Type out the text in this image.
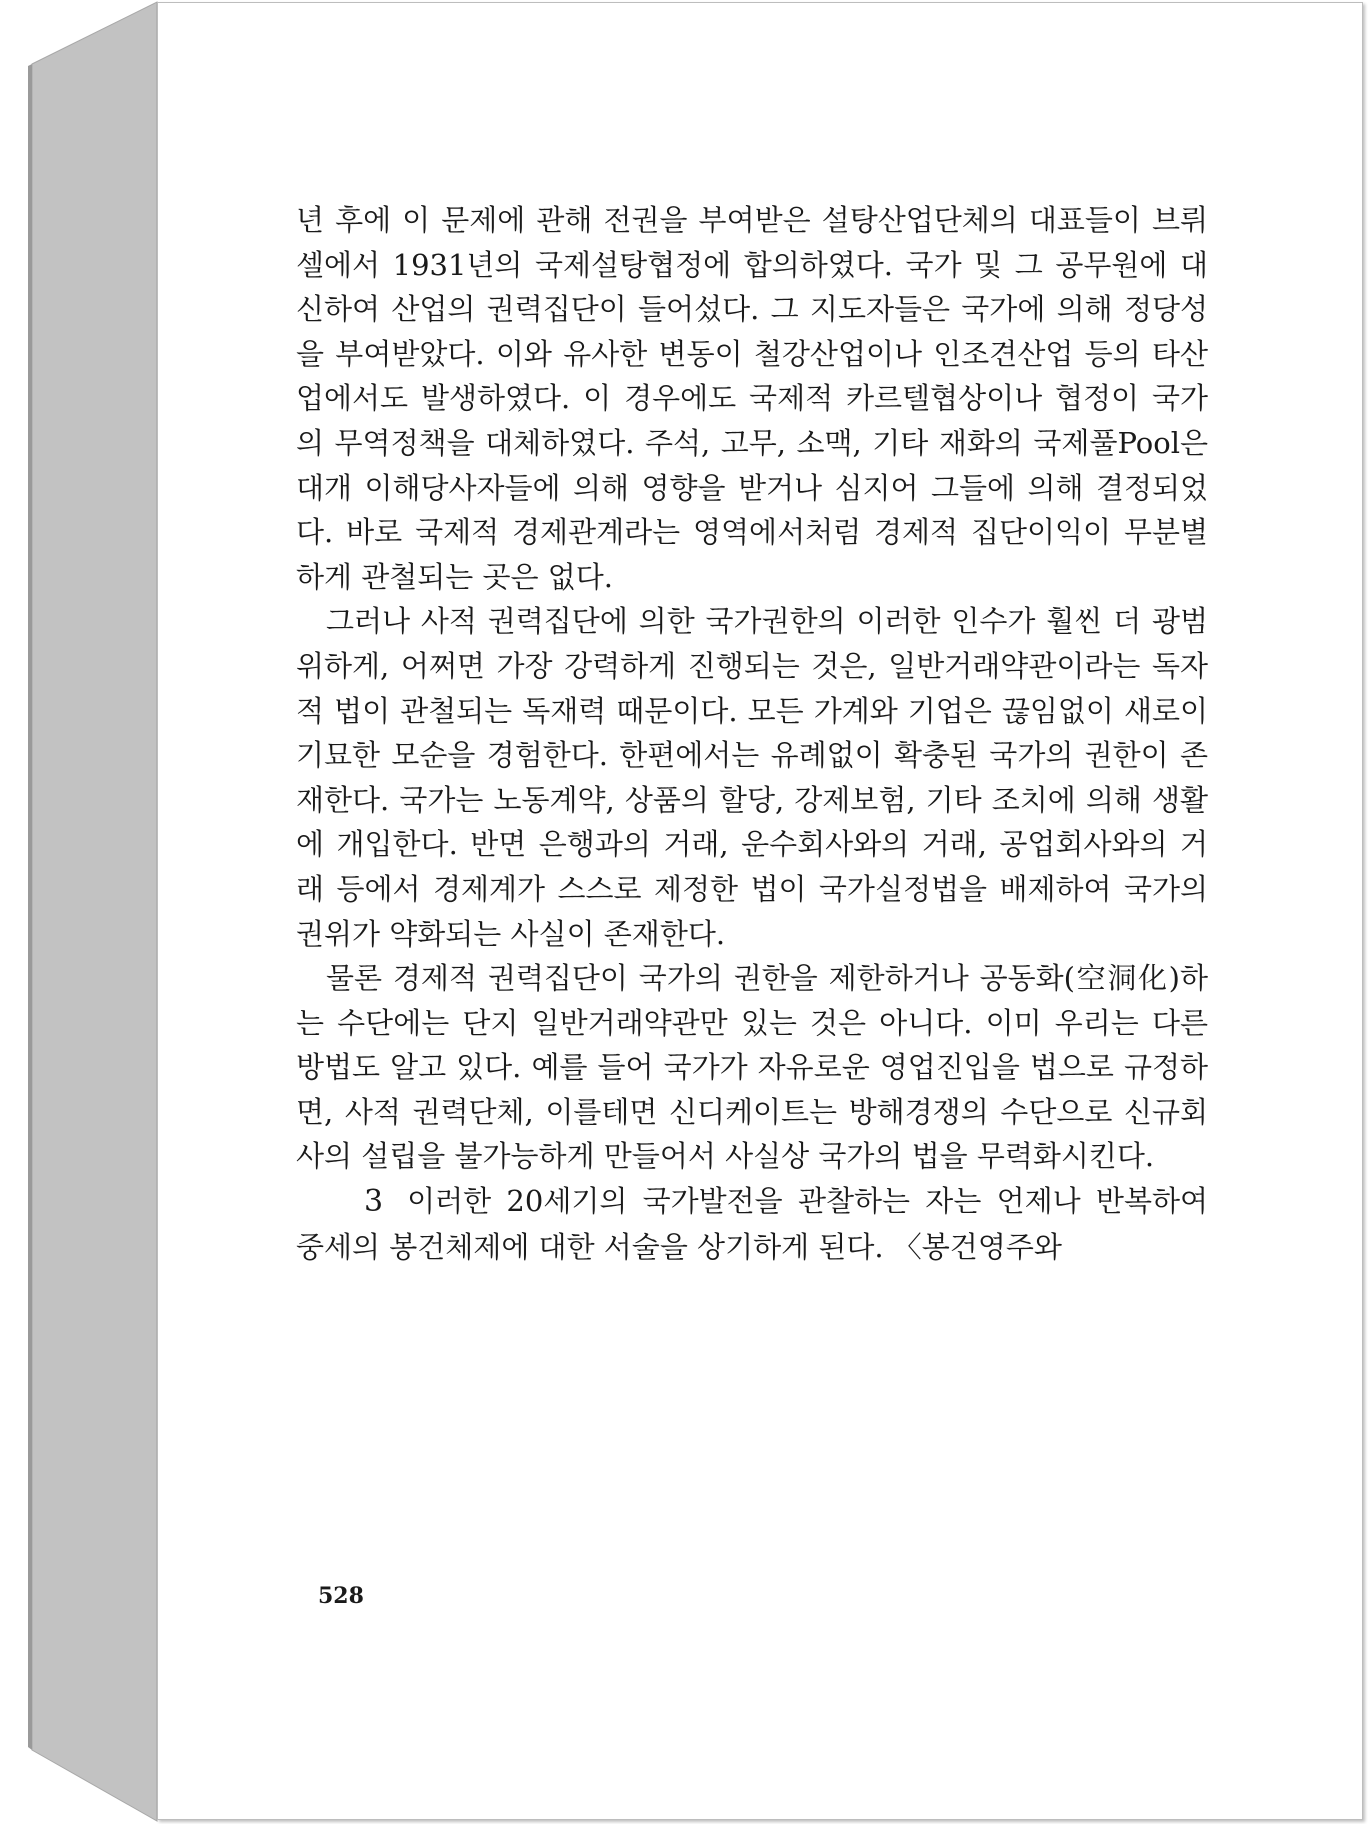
년 후에 이 문제에 관해 전권을 부여받은 설탕산업단체의 대표들이 브뤼셀에서 1931년의 국제설탕협정에 합의하였다. 국가 및 그 공무원에 대신하여 산업의 권력집단이 들어섰다. 그 지도자들은 국가에 의해 정당성을 부여받았다. 이와 유사한 변동이 철강산업이나 인조견산업 등의 타산업에서도 발생하였다. 이 경우에도 국제적 카르텔협상이나 협정이 국가의 무역정책을 대체하였다. 주석, 고무, 소맥, 기타 재화의 국제풀Pool은 대개 이해당사자들에 의해 영향을 받거나 심지어 그들에 의해 결정되었다. 바로 국제적 경제관계라는 영역에서처럼 경제적 집단이익이 무분별하게 관철되는 곳은 없다.

그러나 사적 권력집단에 의한 국가권한의 이러한 인수가 훨씬 더 광범위하게, 어쩌면 가장 강력하게 진행되는 것은, 일반거래약관이라는 독자적 법이 관철되는 독재력 때문이다. 모든 가계와 기업은 끊임없이 새로이 기묘한 모순을 경험한다. 한편에서는 유례없이 확충된 국가의 권한이 존재한다. 국가는 노동계약, 상품의 할당, 강제보험, 기타 조치에 의해 생활에 개입한다. 반면 은행과의 거래, 운수회사와의 거래, 공업회사와의 거래 등에서 경제계가 스스로 제정한 법이 국가실정법을 배제하여 국가의 권위가 약화되는 사실이 존재한다.

물론 경제적 권력집단이 국가의 권한을 제한하거나 공동화(空洞化)하는 수단에는 단지 일반거래약관만 있는 것은 아니다. 이미 우리는 다른 방법도 알고 있다. 예를 들어 국가가 자유로운 영업진입을 법으로 규정하면, 사적 권력단체, 이를테면 신디케이트는 방해경쟁의 수단으로 신규회사의 설립을 불가능하게 만들어서 사실상 국가의 법을 무력화시킨다.

3 이러한 20세기의 국가발전을 관찰하는 자는 언제나 반복하여 중세의 봉건체제에 대한 서술을 상기하게 된다. 〈봉건영주와

528
